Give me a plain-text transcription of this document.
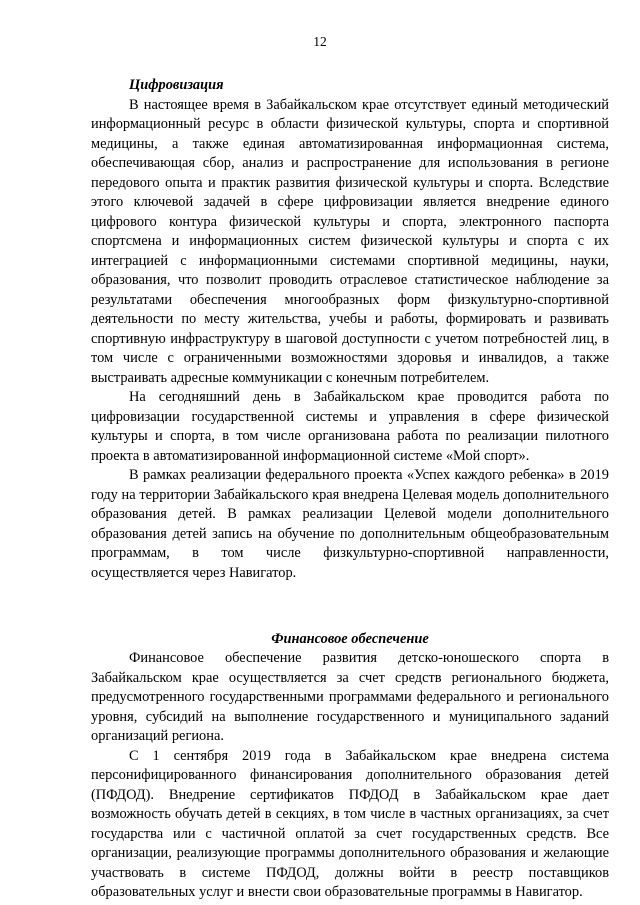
12
Цифровизация

В настоящее время в Забайкальском крае отсутствует единый методический информационный ресурс в области физической культуры, спорта и спортивной медицины, а также единая автоматизированная информационная система, обеспечивающая сбор, анализ и распространение для использования в регионе передового опыта и практик развития физической культуры и спорта. Вследствие этого ключевой задачей в сфере цифровизации является внедрение единого цифрового контура физической культуры и спорта, электронного паспорта спортсмена и информационных систем физической культуры и спорта с их интеграцией с информационными системами спортивной медицины, науки, образования, что позволит проводить отраслевое статистическое наблюдение за результатами обеспечения многообразных форм физкультурно-спортивной деятельности по месту жительства, учебы и работы, формировать и развивать спортивную инфраструктуру в шаговой доступности с учетом потребностей лиц, в том числе с ограниченными возможностями здоровья и инвалидов, а также выстраивать адресные коммуникации с конечным потребителем.

На сегодняшний день в Забайкальском крае проводится работа по цифровизации государственной системы и управления в сфере физической культуры и спорта, в том числе организована работа по реализации пилотного проекта в автоматизированной информационной системе «Мой спорт».

В рамках реализации федерального проекта «Успех каждого ребенка» в 2019 году на территории Забайкальского края внедрена Целевая модель дополнительного образования детей. В рамках реализации Целевой модели дополнительного образования детей запись на обучение по дополнительным общеобразовательным программам, в том числе физкультурно-спортивной направленности, осуществляется через Навигатор.

Финансовое обеспечение

Финансовое обеспечение развития детско-юношеского спорта в Забайкальском крае осуществляется за счет средств регионального бюджета, предусмотренного государственными программами федерального и регионального уровня, субсидий на выполнение государственного и муниципального заданий организаций региона.

С 1 сентября 2019 года в Забайкальском крае внедрена система персонифицированного финансирования дополнительного образования детей (ПФДОД). Внедрение сертификатов ПФДОД в Забайкальском крае дает возможность обучать детей в секциях, в том числе в частных организациях, за счет государства или с частичной оплатой за счет государственных средств. Все организации, реализующие программы дополнительного образования и желающие участвовать в системе ПФДОД, должны войти в реестр поставщиков образовательных услуг и внести свои образовательные программы в Навигатор.
